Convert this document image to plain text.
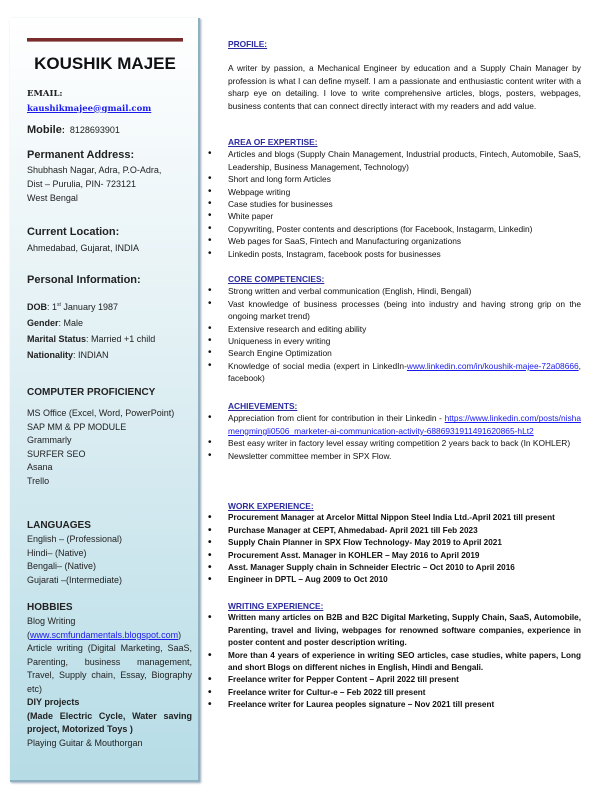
KOUSHIK MAJEE
EMAIL:
kaushikmajee@gmail.com
Mobile:  8128693901
Permanent Address:
Shubhash Nagar, Adra, P.O-Adra,
Dist – Purulia, PIN- 723121
West Bengal
Current Location:
Ahmedabad, Gujarat, INDIA
Personal Information:
DOB: 1st January 1987
Gender: Male
Marital Status: Married +1 child
Nationality: INDIAN
COMPUTER PROFICIENCY
MS Office (Excel, Word, PowerPoint)
SAP MM & PP MODULE
Grammarly
SURFER SEO
Asana
Trello
LANGUAGES
English – (Professional)
Hindi– (Native)
Bengali– (Native)
Gujarati –(Intermediate)
HOBBIES
Blog Writing
(www.scmfundamentals.blogspot.com)
Article writing (Digital Marketing, SaaS, Parenting, business management, Travel, Supply chain, Essay, Biography etc)
DIY projects
(Made Electric Cycle, Water saving project, Motorized Toys )
Playing Guitar & Mouthorgan
PROFILE:
A writer by passion, a Mechanical Engineer by education and a Supply Chain Manager by profession is what I can define myself. I am a passionate and enthusiastic content writer with a sharp eye on detailing. I love to write comprehensive articles, blogs, posters, webpages, business contents that can connect directly interact with my readers and add value.
AREA OF EXPERTISE:
• Articles and blogs (Supply Chain Management, Industrial products, Fintech, Automobile, SaaS, Leadership, Business Management, Technology)
• Short and long form Articles
• Webpage writing
• Case studies for businesses
• White paper
• Copywriting, Poster contents and descriptions (for Facebook, Instagarm, Linkedin)
• Web pages for SaaS, Fintech and Manufacturing organizations
• Linkedin posts, Instagram, facebook posts for businesses
CORE COMPETENCIES:
• Strong written and verbal communication (English, Hindi, Bengali)
• Vast knowledge of business processes (being into industry and having strong grip on the ongoing market trend)
• Extensive research and editing ability
• Uniqueness in every writing
• Search Engine Optimization
• Knowledge of social media (expert in LinkedIn-www.linkedin.com/in/koushik-majee-72a08666, facebook)
ACHIEVEMENTS:
• Appreciation from client for contribution in their Linkedin - https://www.linkedin.com/posts/nishamengmingli0506_marketer-ai-communication-activity-6886931911491620865-hLt2
• Best easy writer in factory level essay writing competition 2 years back to back (In KOHLER)
• Newsletter committee member in SPX Flow.
WORK EXPERIENCE:
• Procurement Manager at Arcelor Mittal Nippon Steel India Ltd.-April 2021 till present
• Purchase Manager at CEPT, Ahmedabad- April 2021 till Feb 2023
• Supply Chain Planner in SPX Flow Technology- May 2019 to April 2021
• Procurement Asst. Manager in KOHLER – May 2016 to April 2019
• Asst. Manager Supply chain in Schneider Electric – Oct 2010 to April 2016
• Engineer in DPTL – Aug 2009 to Oct 2010
WRITING EXPERIENCE:
• Written many articles on B2B and B2C Digital Marketing, Supply Chain, SaaS, Automobile, Parenting, travel and living, webpages for renowned software companies, experience in poster content and poster description writing.
• More than 4 years of experience in writing SEO articles, case studies, white papers, Long and short Blogs on different niches in English, Hindi and Bengali.
• Freelance writer for Pepper Content – April 2022 till present
• Freelance writer for Cultur-e – Feb 2022 till present
• Freelance writer for Laurea peoples signature – Nov 2021 till present
